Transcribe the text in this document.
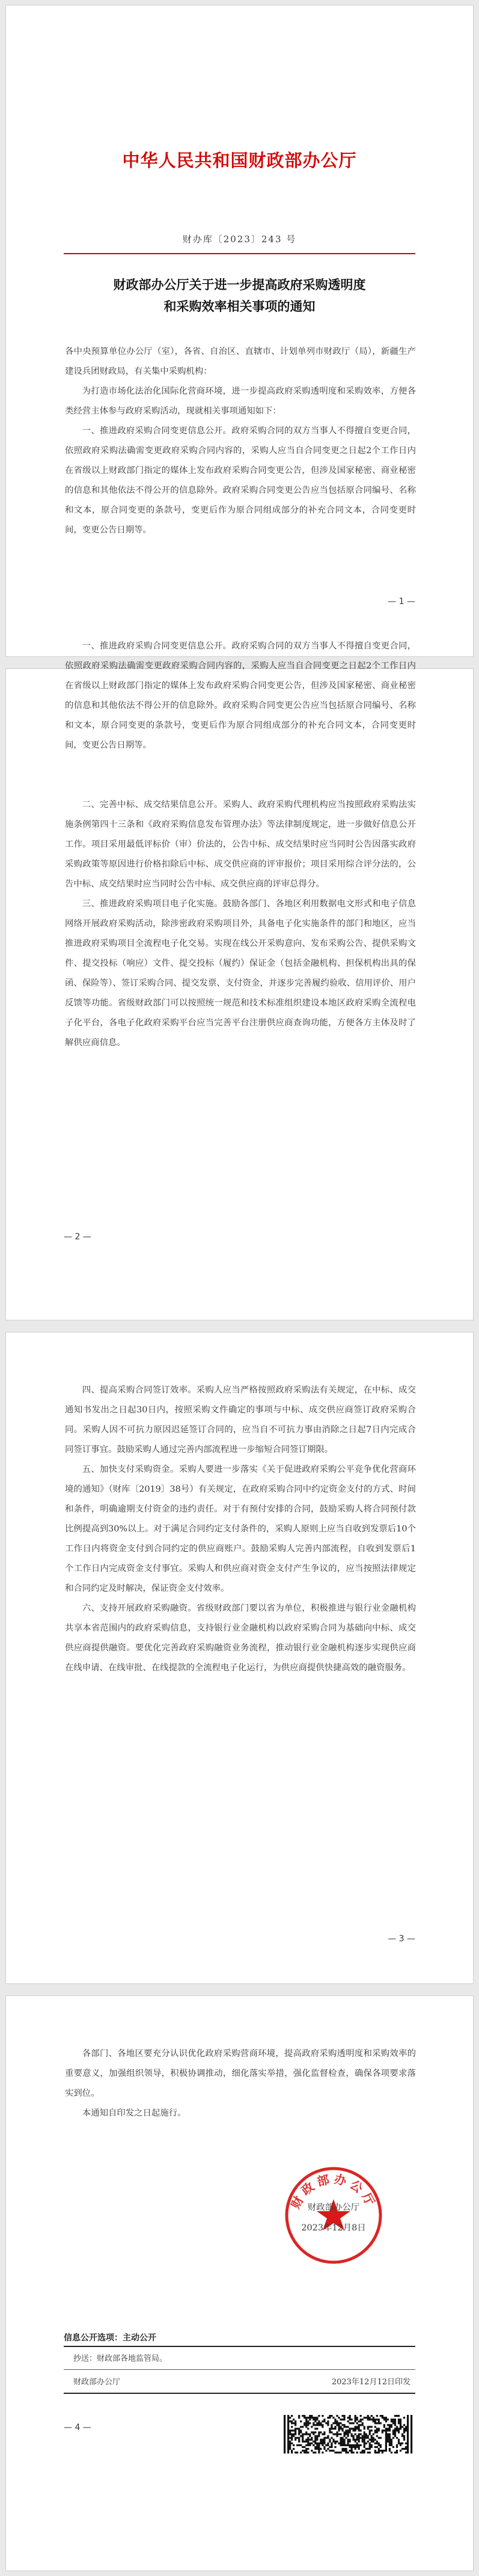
中华人民共和国财政部办公厅
财办库〔2023〕243 号
财政部办公厅关于进一步提高政府采购透明度
和采购效率相关事项的通知

各中央预算单位办公厅（室），各省、自治区、直辖市、计划单列市财政厅（局），新疆生产建设兵团财政局，有关集中采购机构：

为打造市场化法治化国际化营商环境，进一步提高政府采购透明度和采购效率，方便各类经营主体参与政府采购活动，现就相关事项通知如下：

一、推进政府采购合同变更信息公开。政府采购合同的双方当事人不得擅自变更合同，依照政府采购法确需变更政府采购合同内容的，采购人应当自合同变更之日起2个工作日内在省级以上财政部门指定的媒体上发布政府采购合同变更公告，但涉及国家秘密、商业秘密的信息和其他依法不得公开的信息除外。政府采购合同变更公告应当包括原合同编号、名称和文本，原合同变更的条款号，变更后作为原合同组成部分的补充合同文本，合同变更时间，变更公告日期等。

— 1 —

一、推进政府采购合同变更信息公开。政府采购合同的双方当事人不得擅自变更合同，依照政府采购法确需变更政府采购合同内容的，采购人应当自合同变更之日起2个工作日内在省级以上财政部门指定的媒体上发布政府采购合同变更公告，但涉及国家秘密、商业秘密的信息和其他依法不得公开的信息除外。政府采购合同变更公告应当包括原合同编号、名称和文本，原合同变更的条款号，变更后作为原合同组成部分的补充合同文本，合同变更时间，变更公告日期等。

二、完善中标、成交结果信息公开。采购人、政府采购代理机构应当按照政府采购法实施条例第四十三条和《政府采购信息发布管理办法》等法律制度规定，进一步做好信息公开工作。项目采用最低评标价（审）价法的，公告中标、成交结果时应当同时公告因落实政府采购政策等原因进行价格扣除后中标、成交供应商的评审报价；项目采用综合评分法的，公告中标、成交结果时应当同时公告中标、成交供应商的评审总得分。

三、推进政府采购项目电子化实施。鼓励各部门、各地区利用数据电文形式和电子信息网络开展政府采购活动，除涉密政府采购项目外，具备电子化实施条件的部门和地区，应当推进政府采购项目全流程电子化交易。实现在线公开采购意向、发布采购公告、提供采购文件、提交投标（响应）文件、提交投标（履约）保证金（包括金融机构、担保机构出具的保函、保险等）、签订采购合同、提交发票、支付资金，并逐步完善履约验收、信用评价、用户反馈等功能。省级财政部门可以按照统一规范和技术标准组织建设本地区政府采购全流程电子化平台，各电子化政府采购平台应当完善平台注册供应商查询功能，方便各方主体及时了解供应商信息。

— 2 —

四、提高采购合同签订效率。采购人应当严格按照政府采购法有关规定，在中标、成交通知书发出之日起30日内，按照采购文件确定的事项与中标、成交供应商签订政府采购合同。采购人因不可抗力原因迟延签订合同的，应当自不可抗力事由消除之日起7日内完成合同签订事宜。鼓励采购人通过完善内部流程进一步缩短合同签订期限。

五、加快支付采购资金。采购人要进一步落实《关于促进政府采购公平竞争优化营商环境的通知》（财库〔2019〕38号）有关规定，在政府采购合同中约定资金支付的方式、时间和条件，明确逾期支付资金的违约责任。对于有预付安排的合同，鼓励采购人将合同预付款比例提高到30%以上。对于满足合同约定支付条件的，采购人原则上应当自收到发票后10个工作日内将资金支付到合同约定的供应商账户。鼓励采购人完善内部流程，自收到发票后1个工作日内完成资金支付事宜。采购人和供应商对资金支付产生争议的，应当按照法律规定和合同约定及时解决，保证资金支付效率。

六、支持开展政府采购融资。省级财政部门要以省为单位，积极推进与银行业金融机构共享本省范围内的政府采购信息，支持银行业金融机构以政府采购合同为基础向中标、成交供应商提供融资。要优化完善政府采购融资业务流程，推动银行业金融机构逐步实现供应商在线申请、在线审批、在线提款的全流程电子化运行，为供应商提供快捷高效的融资服务。

— 3 —

各部门、各地区要充分认识优化政府采购营商环境，提高政府采购透明度和采购效率的重要意义，加强组织领导，积极协调推动，细化落实举措，强化监督检查，确保各项要求落实到位。

本通知自印发之日起施行。

财政部办公厅
财政部办公厅
2023年12月8日
信息公开选项：主动公开
抄送：财政部各地监管局。
财政部办公厅	2023年12月12日印发
— 4 —
